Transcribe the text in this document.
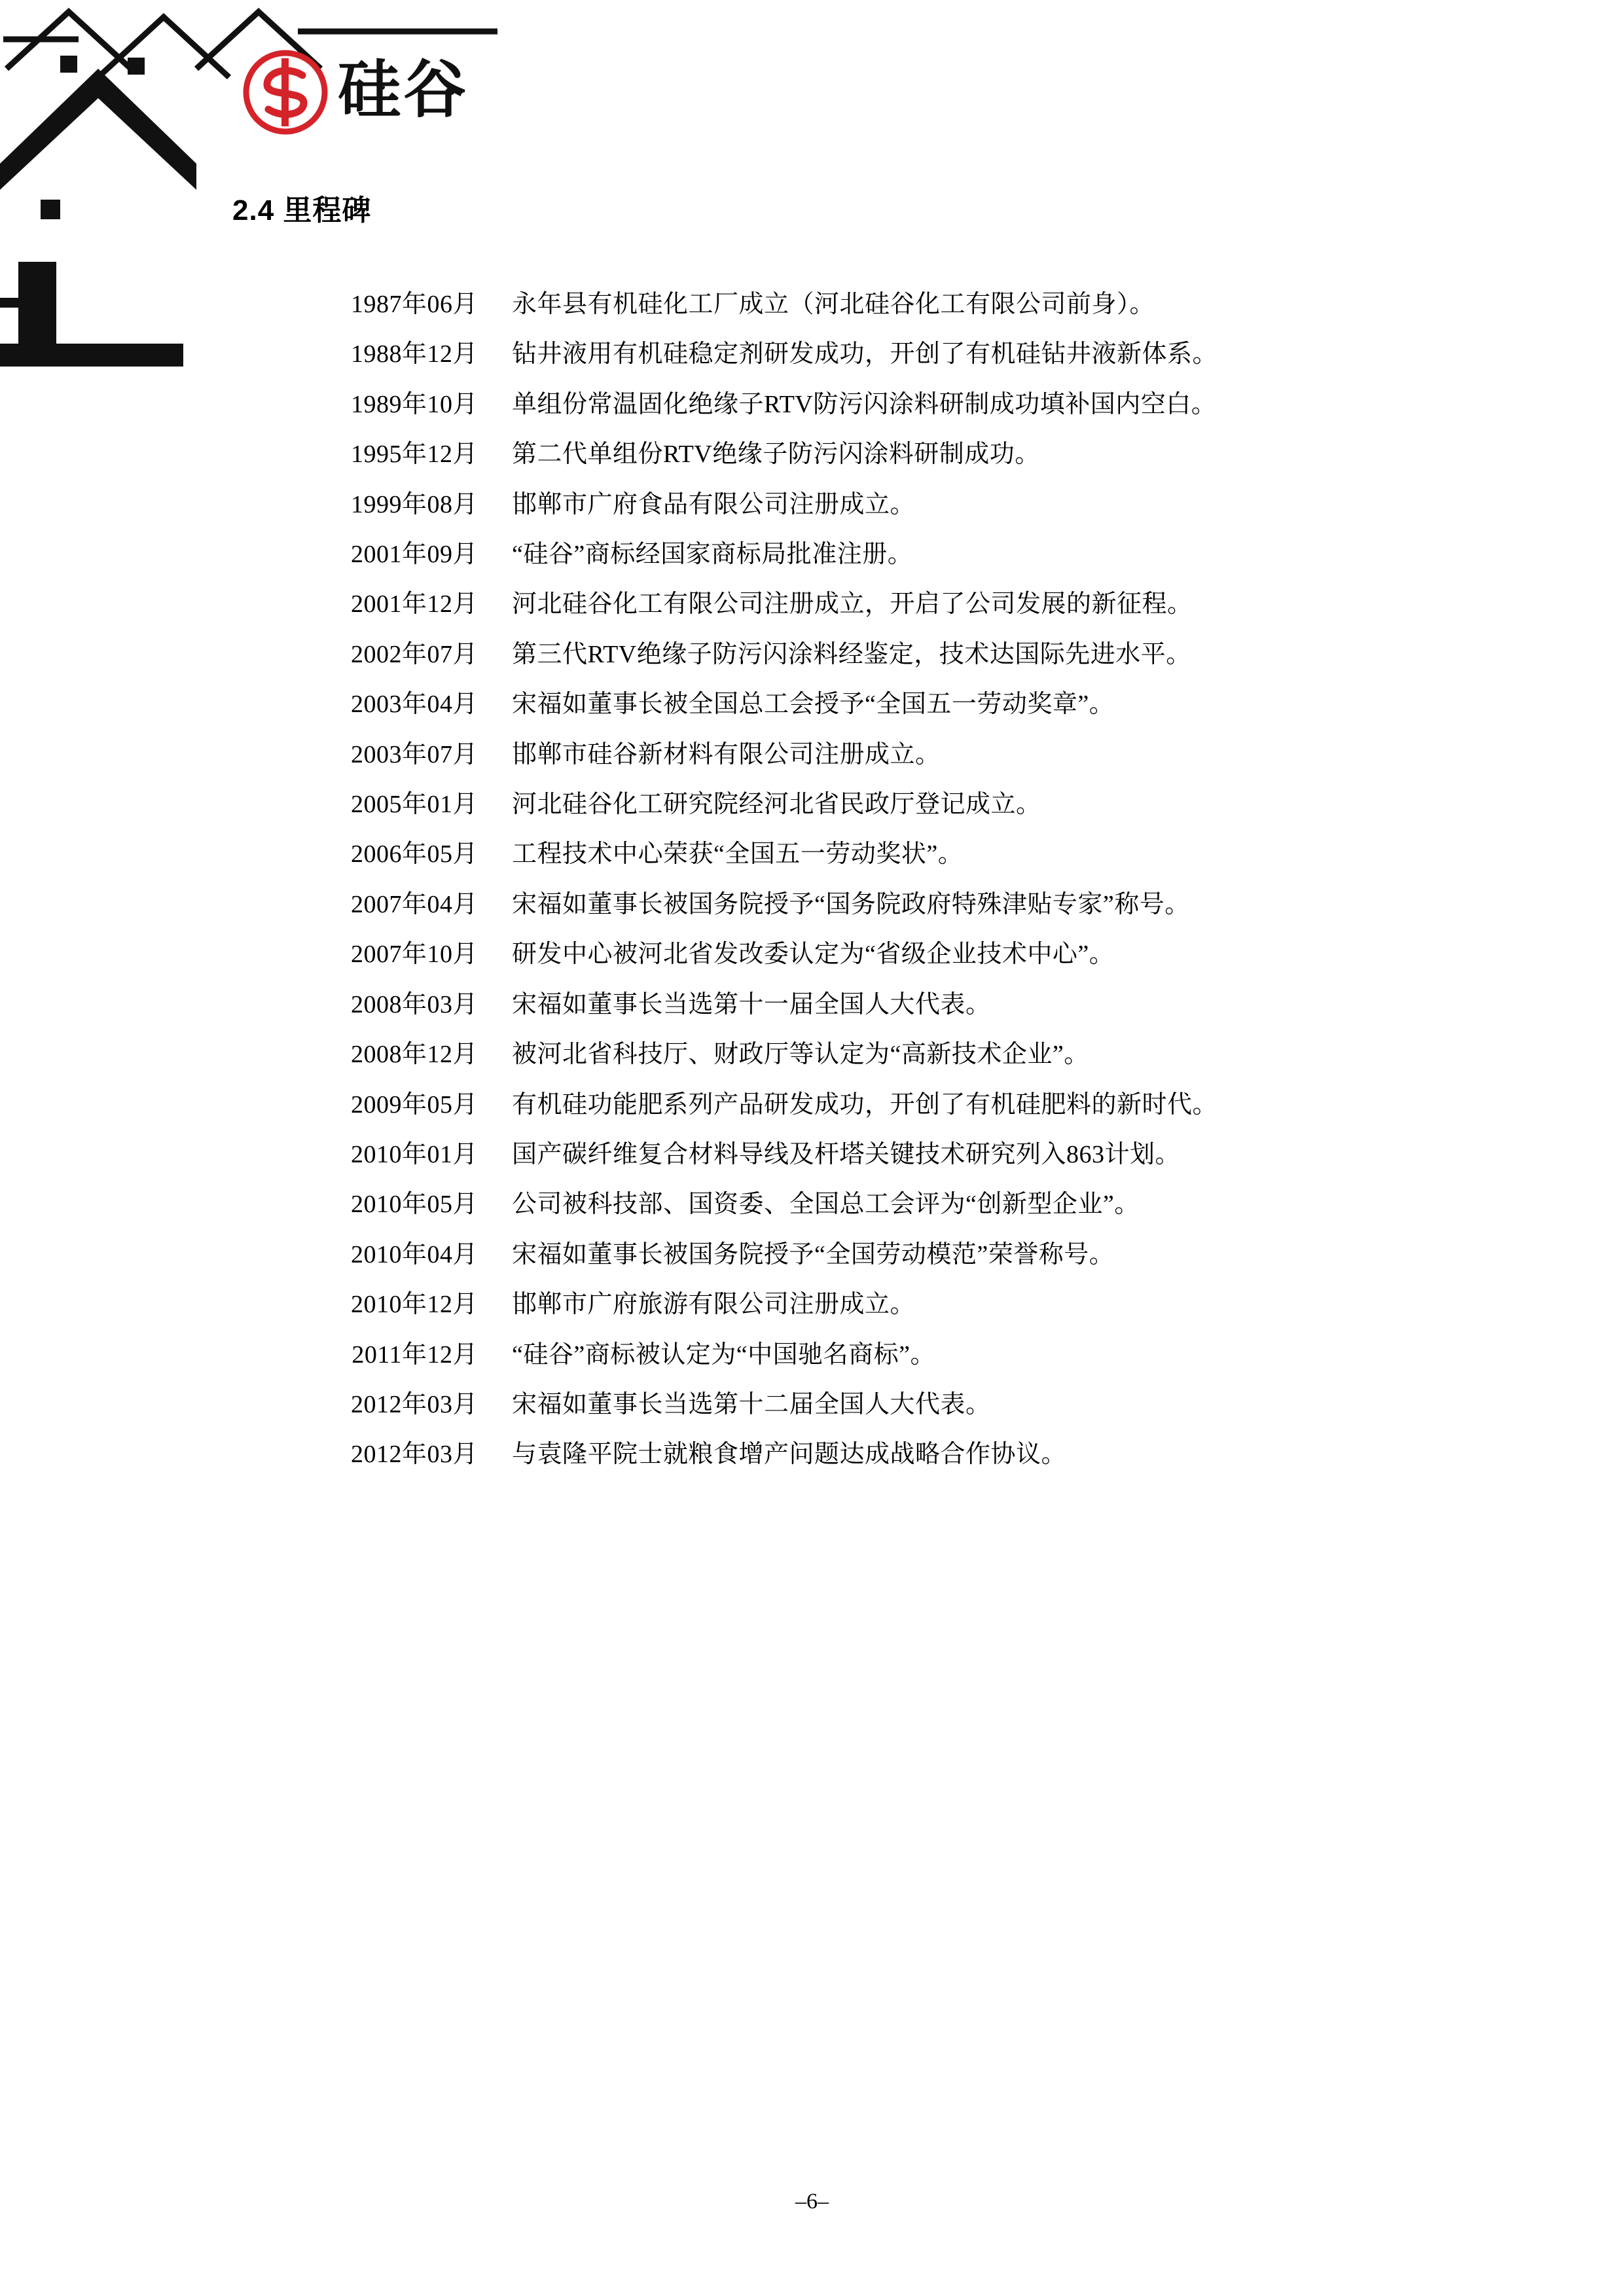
硅谷
2.4 里程碑
1987年06月	永年县有机硅化工厂成立（河北硅谷化工有限公司前身）。
1988年12月	钻井液用有机硅稳定剂研发成功，开创了有机硅钻井液新体系。
1989年10月	单组份常温固化绝缘子RTV防污闪涂料研制成功填补国内空白。
1995年12月	第二代单组份RTV绝缘子防污闪涂料研制成功。
1999年08月	邯郸市广府食品有限公司注册成立。
2001年09月	“硅谷”商标经国家商标局批准注册。
2001年12月	河北硅谷化工有限公司注册成立，开启了公司发展的新征程。
2002年07月	第三代RTV绝缘子防污闪涂料经鉴定，技术达国际先进水平。
2003年04月	宋福如董事长被全国总工会授予“全国五一劳动奖章”。
2003年07月	邯郸市硅谷新材料有限公司注册成立。
2005年01月	河北硅谷化工研究院经河北省民政厅登记成立。
2006年05月	工程技术中心荣获“全国五一劳动奖状”。
2007年04月	宋福如董事长被国务院授予“国务院政府特殊津贴专家”称号。
2007年10月	研发中心被河北省发改委认定为“省级企业技术中心”。
2008年03月	宋福如董事长当选第十一届全国人大代表。
2008年12月	被河北省科技厅、财政厅等认定为“高新技术企业”。
2009年05月	有机硅功能肥系列产品研发成功，开创了有机硅肥料的新时代。
2010年01月	国产碳纤维复合材料导线及杆塔关键技术研究列入863计划。
2010年05月	公司被科技部、国资委、全国总工会评为“创新型企业”。
2010年04月	宋福如董事长被国务院授予“全国劳动模范”荣誉称号。
2010年12月	邯郸市广府旅游有限公司注册成立。
2011年12月	“硅谷”商标被认定为“中国驰名商标”。
2012年03月	宋福如董事长当选第十二届全国人大代表。
2012年03月	与袁隆平院士就粮食增产问题达成战略合作协议。
–6–
